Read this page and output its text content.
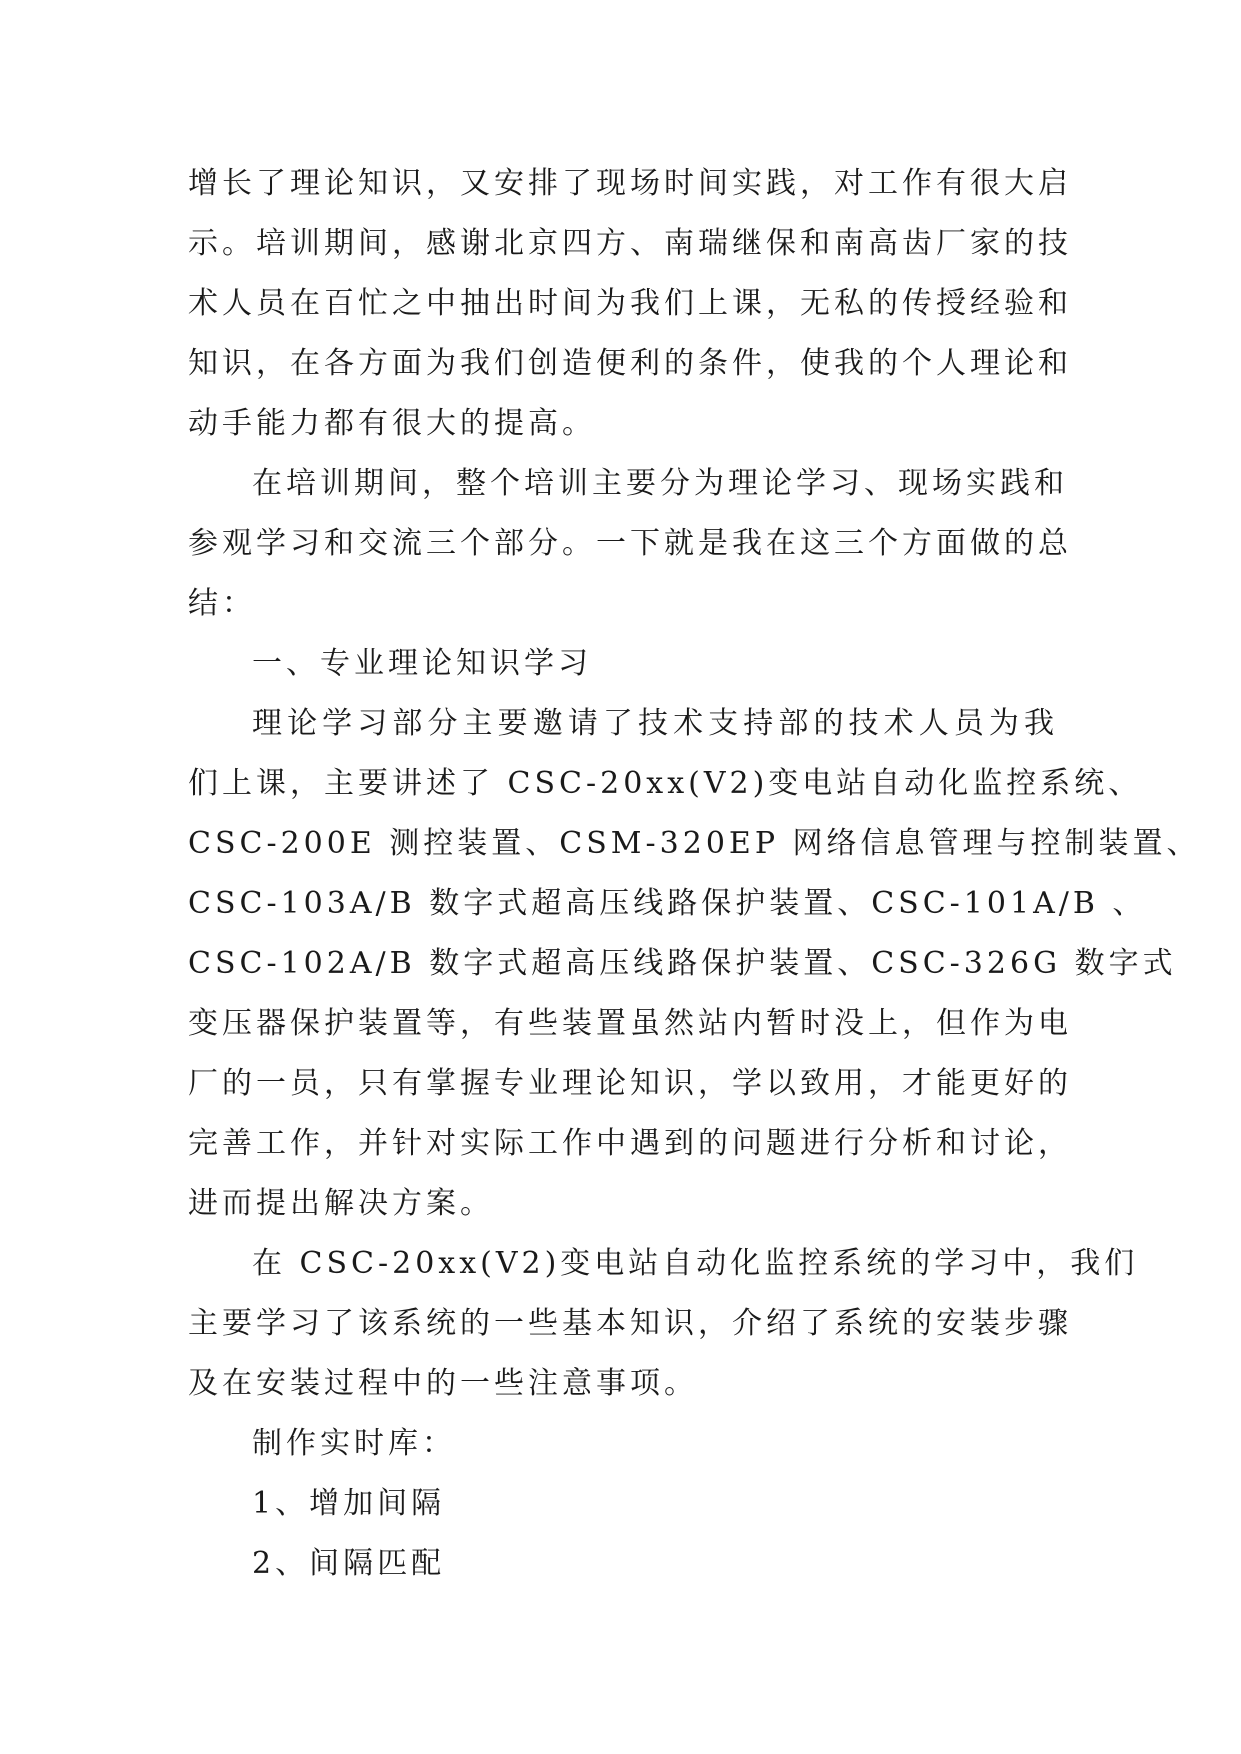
增长了理论知识，又安排了现场时间实践，对工作有很大启
示。培训期间，感谢北京四方、南瑞继保和南高齿厂家的技
术人员在百忙之中抽出时间为我们上课，无私的传授经验和
知识，在各方面为我们创造便利的条件，使我的个人理论和
动手能力都有很大的提高。

在培训期间，整个培训主要分为理论学习、现场实践和
参观学习和交流三个部分。一下就是我在这三个方面做的总
结：

一、专业理论知识学习

理论学习部分主要邀请了技术支持部的技术人员为我
们上课，主要讲述了 CSC-20xx(V2)变电站自动化监控系统、
CSC-200E 测控装置、CSM-320EP 网络信息管理与控制装置、
CSC-103A/B 数字式超高压线路保护装置、CSC-101A/B 、
CSC-102A/B 数字式超高压线路保护装置、CSC-326G 数字式
变压器保护装置等，有些装置虽然站内暂时没上，但作为电
厂的一员，只有掌握专业理论知识，学以致用，才能更好的
完善工作，并针对实际工作中遇到的问题进行分析和讨论，
进而提出解决方案。

在 CSC-20xx(V2)变电站自动化监控系统的学习中，我们
主要学习了该系统的一些基本知识，介绍了系统的安装步骤
及在安装过程中的一些注意事项。

制作实时库：

1、增加间隔

2、间隔匹配
